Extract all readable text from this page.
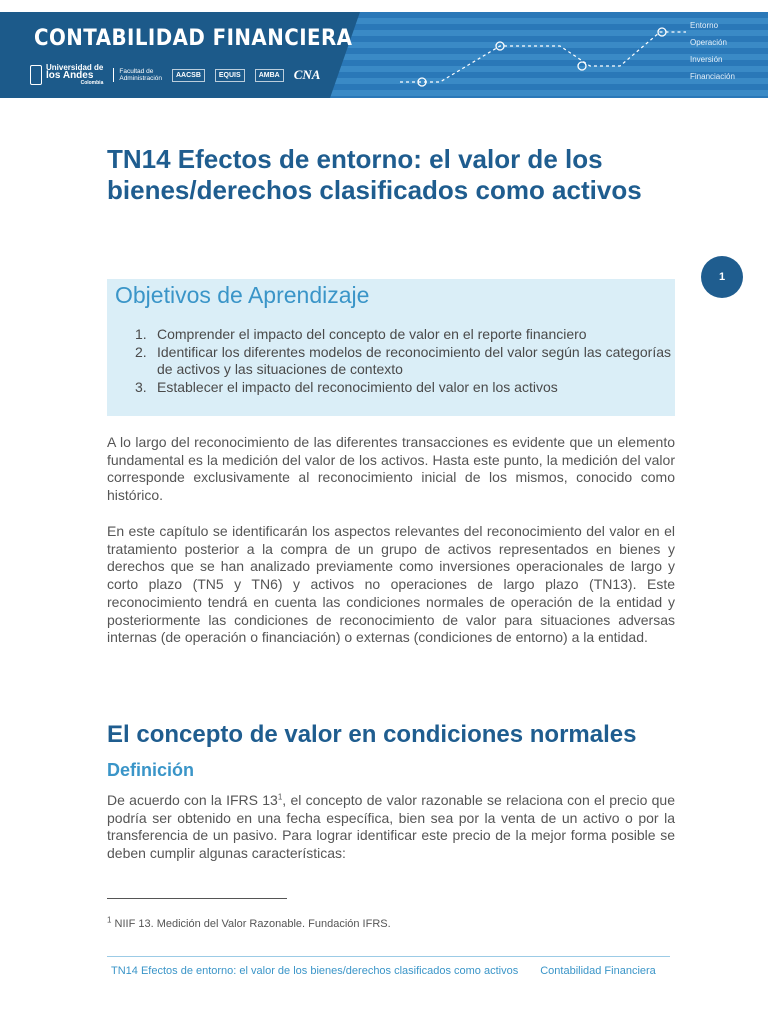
CONTABILIDAD FINANCIERA
Universidad de
los Andes
Colombia
Facultad de
Administración	AACSB	EQUIS	AMBA	CNA
Entorno
Operación
Inversión
Financiación
TN14 Efectos de entorno: el valor de los bienes/derechos clasificados como activos
1
Objetivos de Aprendizaje
1. Comprender el impacto del concepto de valor en el reporte financiero
2. Identificar los diferentes modelos de reconocimiento del valor según las categorías de activos y las situaciones de contexto
3. Establecer el impacto del reconocimiento del valor en los activos

A lo largo del reconocimiento de las diferentes transacciones es evidente que un elemento fundamental es la medición del valor de los activos. Hasta este punto, la medición del valor corresponde exclusivamente al reconocimiento inicial de los mismos, conocido como histórico.

En este capítulo se identificarán los aspectos relevantes del reconocimiento del valor en el tratamiento posterior a la compra de un grupo de activos representados en bienes y derechos que se han analizado previamente como inversiones operacionales de largo y corto plazo (TN5 y TN6) y activos no operaciones de largo plazo (TN13). Este reconocimiento tendrá en cuenta las condiciones normales de operación de la entidad y posteriormente las condiciones de reconocimiento de valor para situaciones adversas internas (de operación o financiación) o externas (condiciones de entorno) a la entidad.

El concepto de valor en condiciones normales
Definición

De acuerdo con la IFRS $13^1$, el concepto de valor razonable se relaciona con el precio que podría ser obtenido en una fecha específica, bien sea por la venta de un activo o por la transferencia de un pasivo. Para lograr identificar este precio de la mejor forma posible se deben cumplir algunas características:

$^1$ NIIF 13. Medición del Valor Razonable. Fundación IFRS.
TN14 Efectos de entorno: el valor de los bienes/derechos clasificados como activos Contabilidad Financiera
